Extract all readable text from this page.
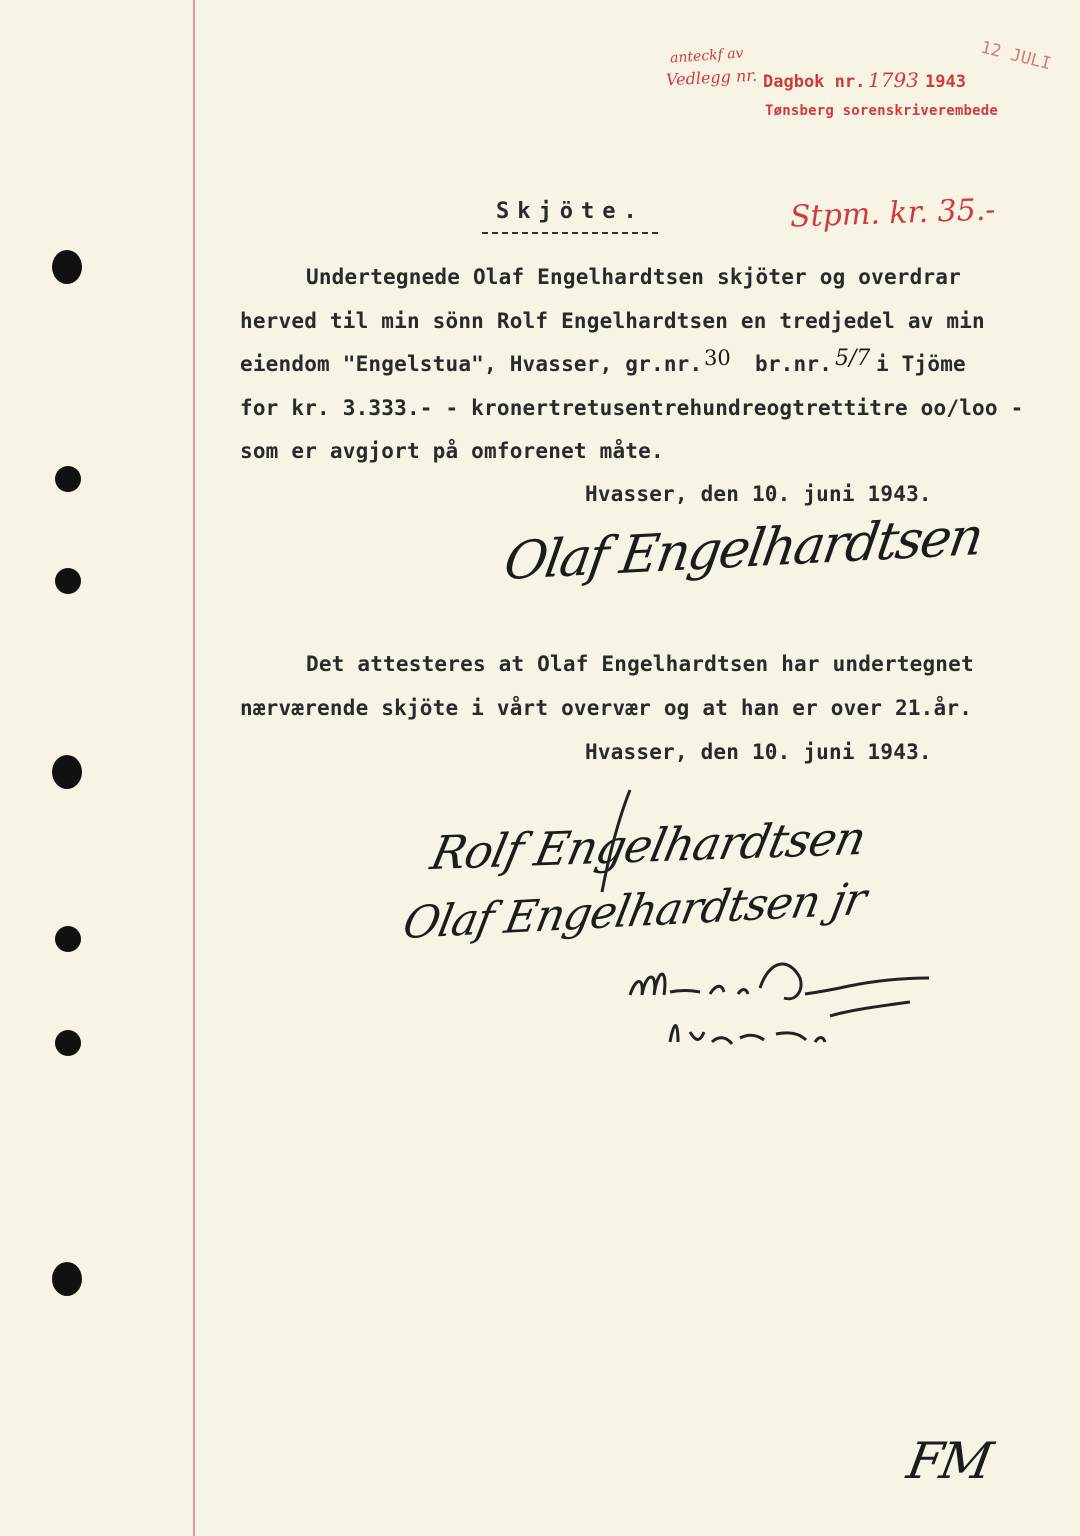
anteckf av
Vedlegg nr. Dagbok nr. 1793 1943
Tønsberg sorenskriverembede
12 JULI
Stpm. kr. 35.-
Skjöte.
Undertegnede Olaf Engelhardtsen skjöter og overdrar
herved til min sönn Rolf Engelhardtsen en tredjedel av min
eiendom "Engelstua", Hvasser, gr.nr. 30 br.nr. 5/7 i Tjöme
for kr. 3.333.- - kronertretusentrehundreogtrettitre oo/loo -
som er avgjort på omforenet måte.
Hvasser, den 10. juni 1943.
Olaf Engelhardtsen
Det attesteres at Olaf Engelhardtsen har undertegnet
nærværende skjöte i vårt overvær og at han er over 21.år.
Hvasser, den 10. juni 1943.
Rolf Engelhardtsen
Olaf Engelhardtsen jr
FM
